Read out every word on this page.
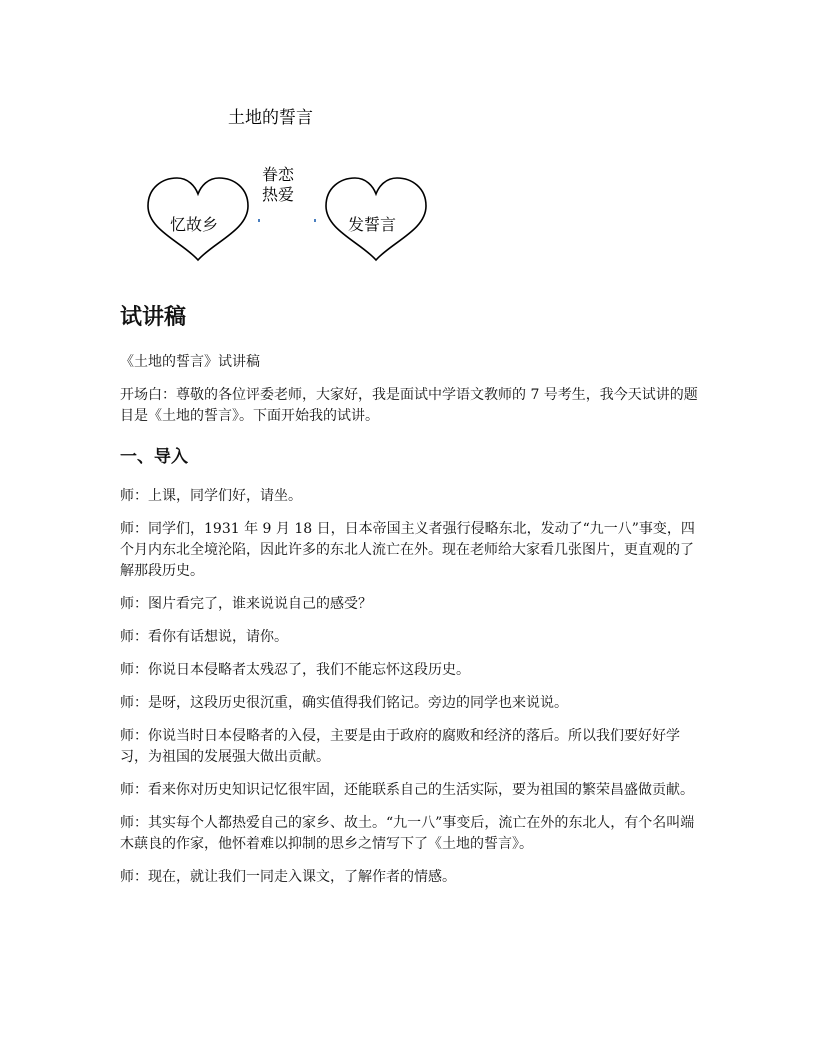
土地的誓言
忆故乡	发誓言
眷恋
热爱
试讲稿

《土地的誓言》试讲稿

开场白：尊敬的各位评委老师，大家好，我是面试中学语文教师的 7 号考生，我今天试讲的题目是《土地的誓言》。下面开始我的试讲。

一、导入

师：上课，同学们好，请坐。

师：同学们，1931 年 9 月 18 日，日本帝国主义者强行侵略东北，发动了“九一八”事变，四个月内东北全境沦陷，因此许多的东北人流亡在外。现在老师给大家看几张图片，更直观的了解那段历史。

师：图片看完了，谁来说说自己的感受？

师：看你有话想说，请你。

师：你说日本侵略者太残忍了，我们不能忘怀这段历史。

师：是呀，这段历史很沉重，确实值得我们铭记。旁边的同学也来说说。

师：你说当时日本侵略者的入侵，主要是由于政府的腐败和经济的落后。所以我们要好好学习，为祖国的发展强大做出贡献。

师：看来你对历史知识记忆很牢固，还能联系自己的生活实际，要为祖国的繁荣昌盛做贡献。

师：其实每个人都热爱自己的家乡、故土。“九一八”事变后，流亡在外的东北人，有个名叫端木蕻良的作家，他怀着难以抑制的思乡之情写下了《土地的誓言》。

师：现在，就让我们一同走入课文，了解作者的情感。
